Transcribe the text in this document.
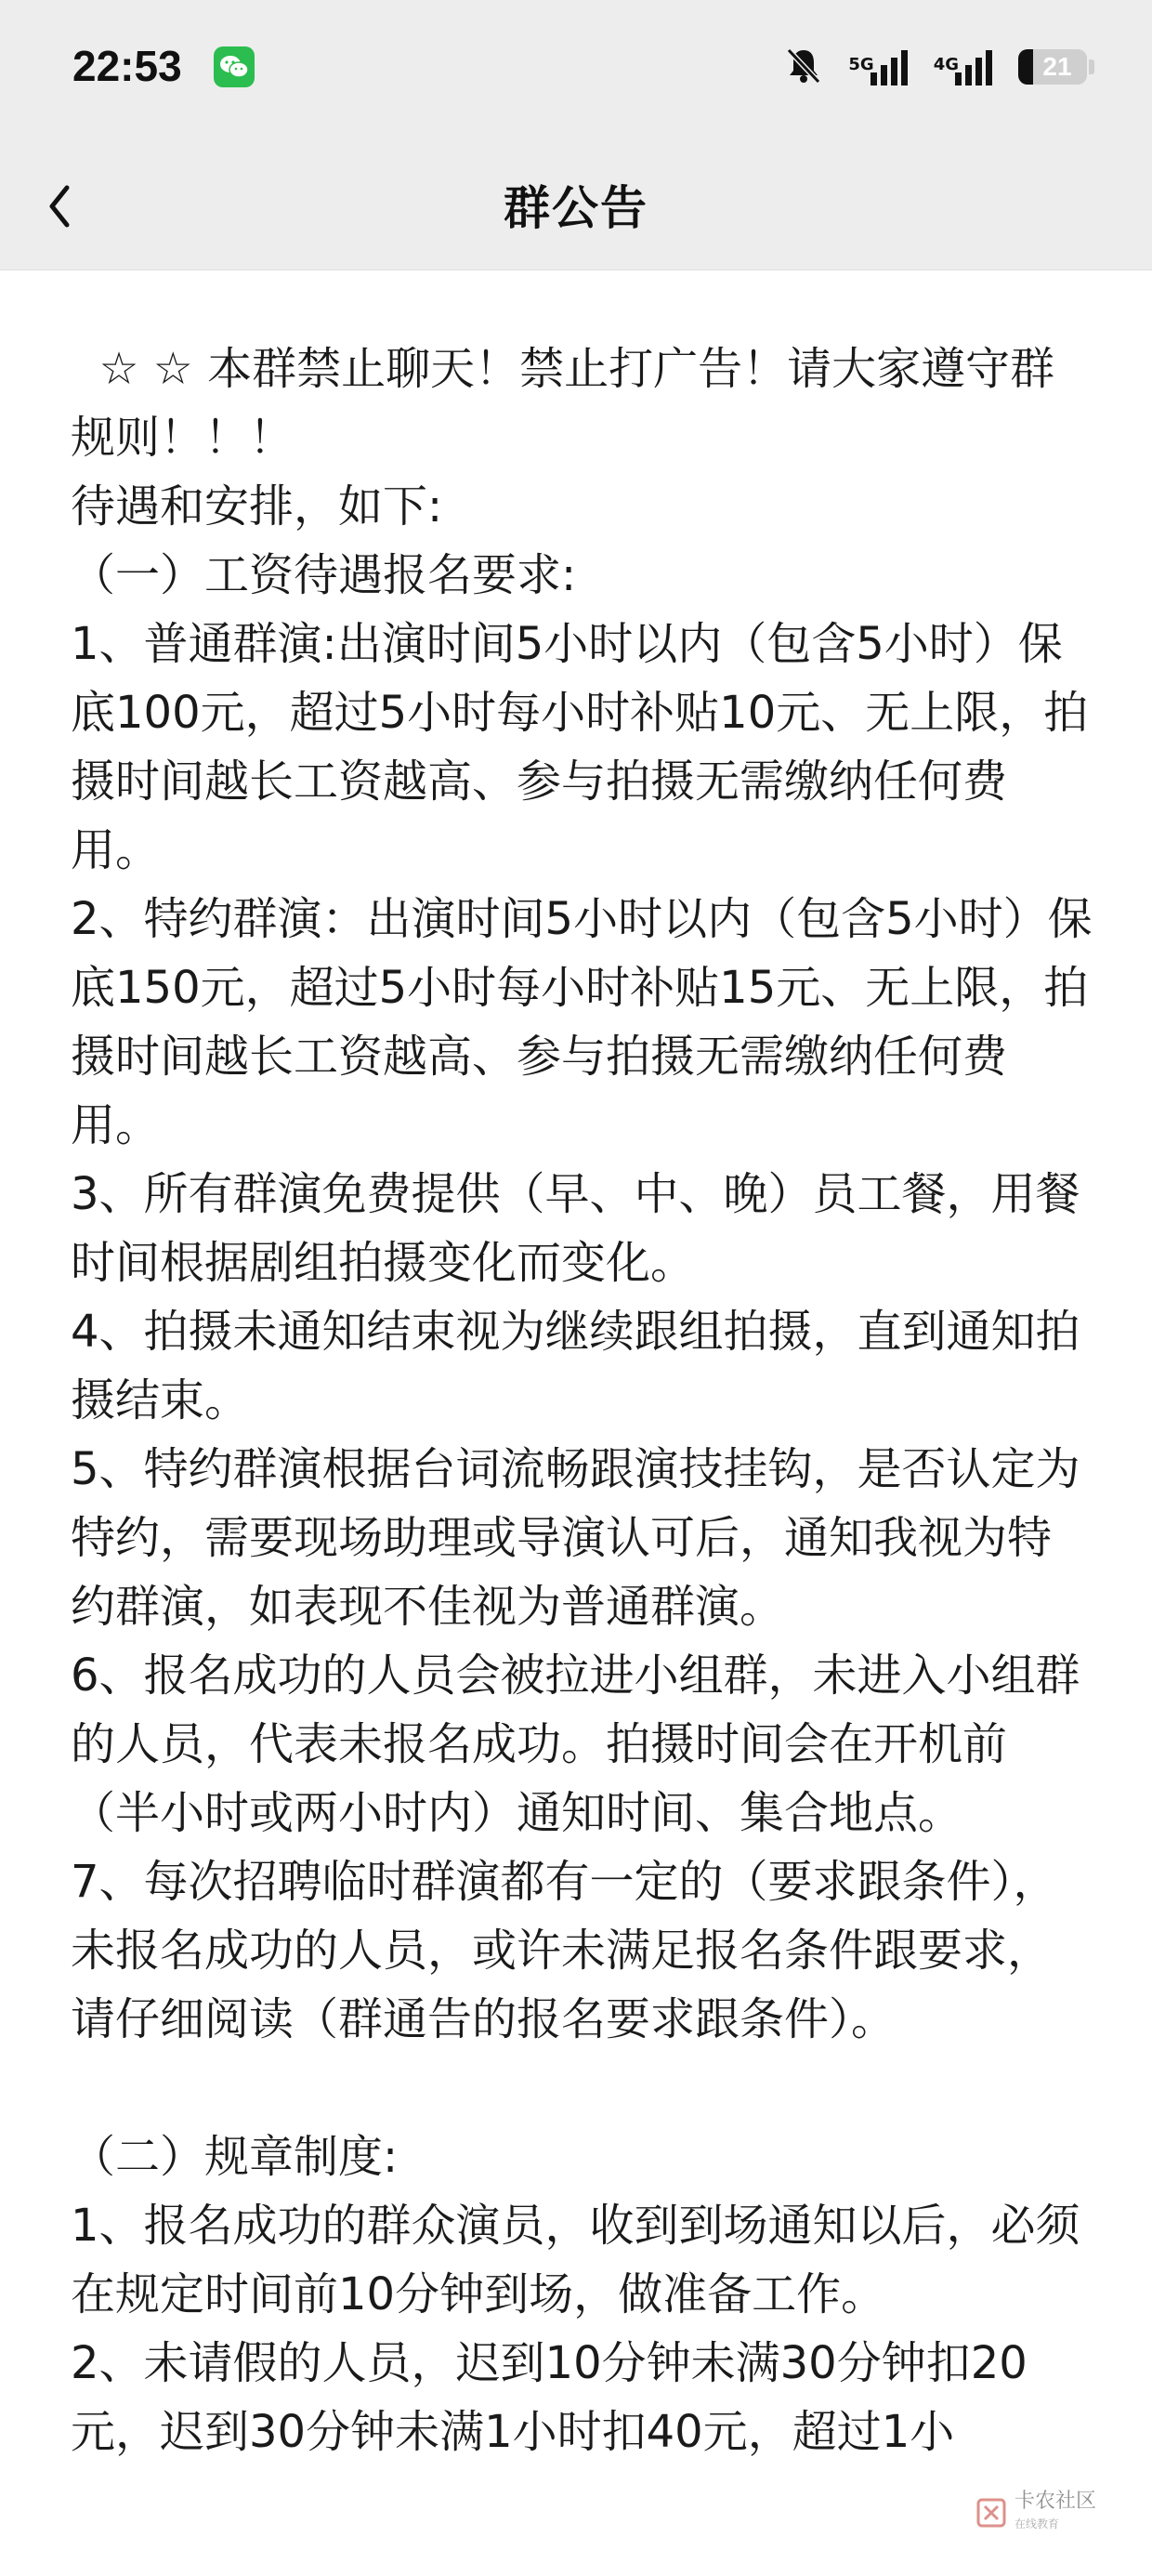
22:53	5G	4G	21
群公告

☆ ☆ 本群禁止聊天！禁止打广告！请大家遵守群规则！！！

待遇和安排，如下:

（一）工资待遇报名要求:

1、普通群演:出演时间5小时以内（包含5小时）保底100元，超过5小时每小时补贴10元、无上限，拍摄时间越长工资越高、参与拍摄无需缴纳任何费用。

2、特约群演：出演时间5小时以内（包含5小时）保底150元，超过5小时每小时补贴15元、无上限，拍摄时间越长工资越高、参与拍摄无需缴纳任何费用。

3、所有群演免费提供（早、中、晚）员工餐，用餐时间根据剧组拍摄变化而变化。

4、拍摄未通知结束视为继续跟组拍摄，直到通知拍摄结束。

5、特约群演根据台词流畅跟演技挂钩，是否认定为特约，需要现场助理或导演认可后，通知我视为特约群演，如表现不佳视为普通群演。

6、报名成功的人员会被拉进小组群，未进入小组群的人员，代表未报名成功。拍摄时间会在开机前（半小时或两小时内）通知时间、集合地点。

7、每次招聘临时群演都有一定的（要求跟条件），未报名成功的人员，或许未满足报名条件跟要求，请仔细阅读（群通告的报名要求跟条件）。

（二）规章制度:

1、报名成功的群众演员，收到到场通知以后，必须在规定时间前10分钟到场，做准备工作。

2、未请假的人员，迟到10分钟未满30分钟扣20元，迟到30分钟未满1小时扣40元，超过1小

卡农社区
在线教育
